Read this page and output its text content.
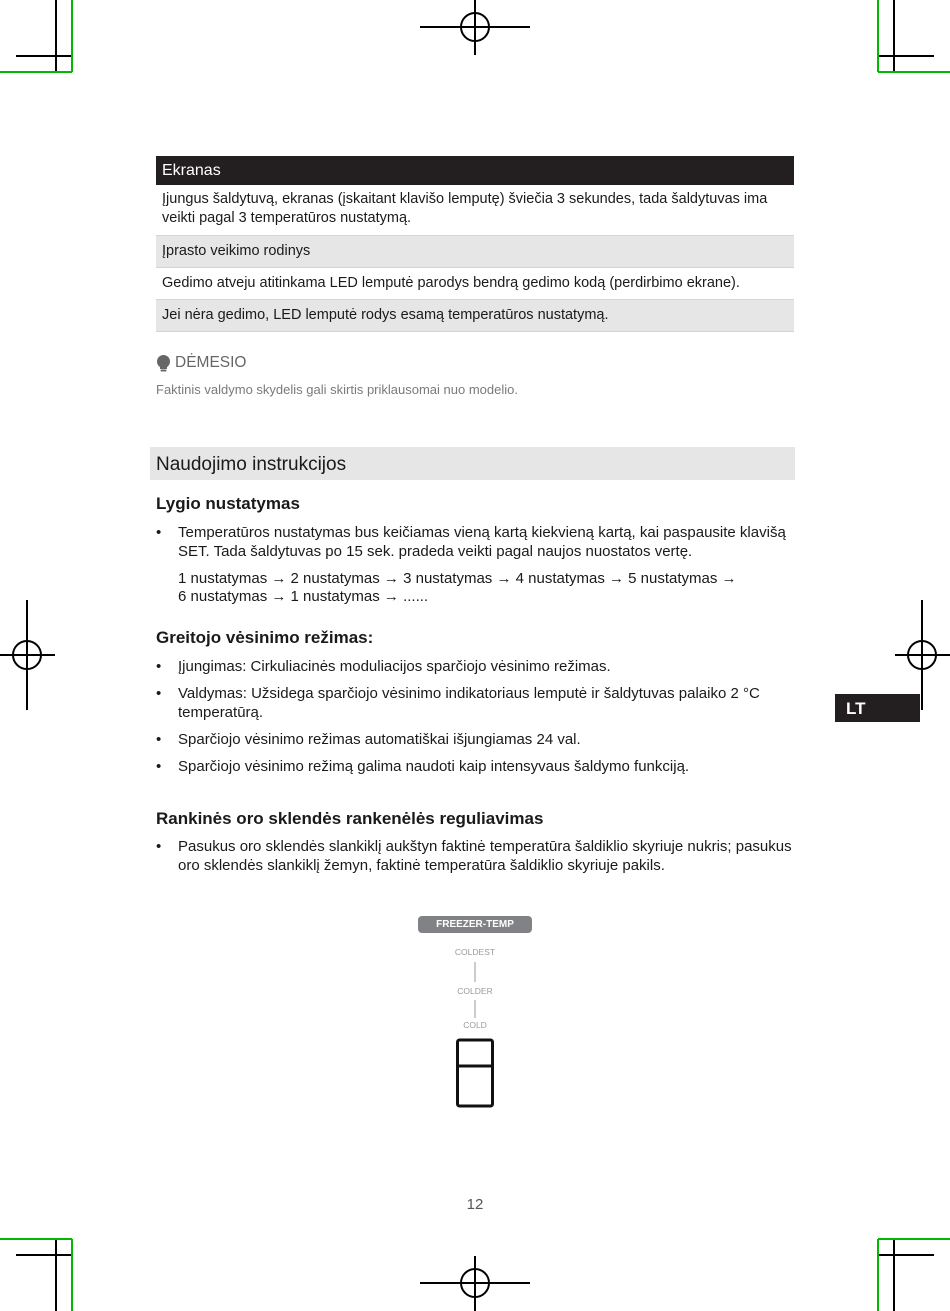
Ekranas
Įjungus šaldytuvą, ekranas (įskaitant klavišo lemputę) šviečia 3 sekundes, tada šaldytuvas ima veikti pagal 3 temperatūros nustatymą.
Įprasto veikimo rodinys
Gedimo atveju atitinkama LED lemputė parodys bendrą gedimo kodą (perdirbimo ekrane).
Jei nėra gedimo, LED lemputė rodys esamą temperatūros nustatymą.
DĖMESIO
Faktinis valdymo skydelis gali skirtis priklausomai nuo modelio.
Naudojimo instrukcijos
Lygio nustatymas
• Temperatūros nustatymas bus keičiamas vieną kartą kiekvieną kartą, kai paspausite klavišą SET. Tada šaldytuvas po 15 sek. pradeda veikti pagal naujos nuostatos vertę.
1 nustatymas → 2 nustatymas → 3 nustatymas → 4 nustatymas → 5 nustatymas →
6 nustatymas → 1 nustatymas → ......
Greitojo vėsinimo režimas:
• Įjungimas: Cirkuliacinės moduliacijos sparčiojo vėsinimo režimas.
• Valdymas: Užsidega sparčiojo vėsinimo indikatoriaus lemputė ir šaldytuvas palaiko 2 °C temperatūrą.
• Sparčiojo vėsinimo režimas automatiškai išjungiamas 24 val.
• Sparčiojo vėsinimo režimą galima naudoti kaip intensyvaus šaldymo funkciją.
Rankinės oro sklendės rankenėlės reguliavimas
• Pasukus oro sklendės slankiklį aukštyn faktinė temperatūra šaldiklio skyriuje nukris; pasukus oro sklendės slankiklį žemyn, faktinė temperatūra šaldiklio skyriuje pakils.
FREEZER-TEMP
COLDEST
COLDER
COLD
LT
12
